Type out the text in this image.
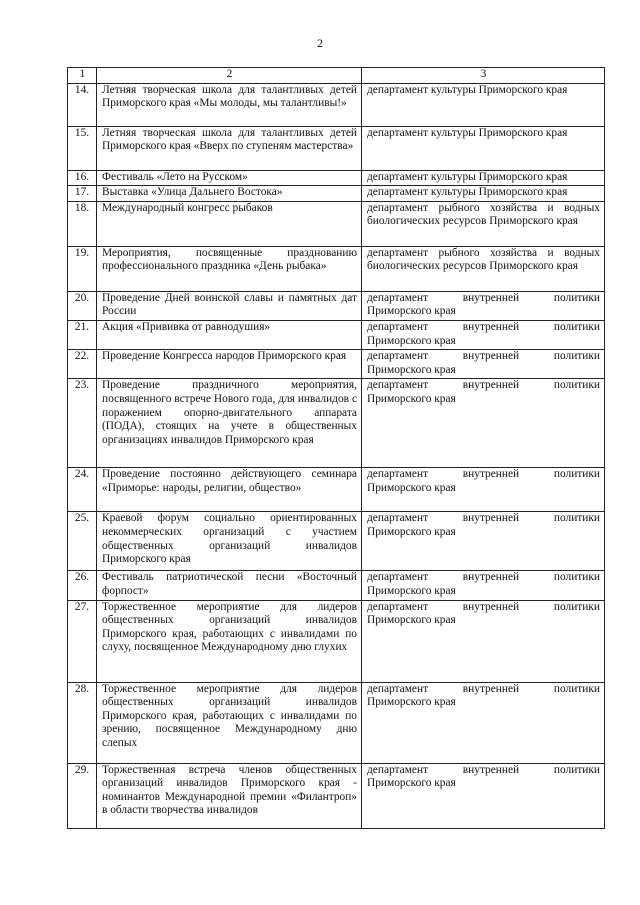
2
1	2	3
14.	Летняя творческая школа для талантливых детей Приморского края «Мы молоды, мы талантливы!»	департамент культуры Приморского края
15.	Летняя творческая школа для талантливых детей Приморского края «Вверх по ступеням мастерства»	департамент культуры Приморского края
16.	Фестиваль «Лето на Русском»	департамент культуры Приморского края
17.	Выставка «Улица Дальнего Востока»	департамент культуры Приморского края
18.	Международный конгресс рыбаков	департамент рыбного хозяйства и водных биологических ресурсов Приморского края
19.	Мероприятия, посвященные празднованию профессионального праздника «День рыбака»	департамент рыбного хозяйства и водных биологических ресурсов Приморского края
20.	Проведение Дней воинской славы и памятных дат России	департамент внутренней политики Приморского края
21.	Акция «Прививка от равнодушия»	департамент внутренней политики Приморского края
22.	Проведение Конгресса народов Приморского края	департамент внутренней политики Приморского края
23.	Проведение праздничного мероприятия, посвященного встрече Нового года, для инвалидов с поражением опорно-двигательного аппарата (ПОДА), стоящих на учете в общественных организациях инвалидов Приморского края	департамент внутренней политики Приморского края
24.	Проведение постоянно действующего семинара «Приморье: народы, религии, общество»	департамент внутренней политики Приморского края
25.	Краевой форум социально ориентированных некоммерческих организаций с участием общественных организаций инвалидов Приморского края	департамент внутренней политики Приморского края
26.	Фестиваль патриотической песни «Восточный форпост»	департамент внутренней политики Приморского края
27.	Торжественное мероприятие для лидеров общественных организаций инвалидов Приморского края, работающих с инвалидами по слуху, посвященное Международному дню глухих	департамент внутренней политики Приморского края
28.	Торжественное мероприятие для лидеров общественных организаций инвалидов Приморского края, работающих с инвалидами по зрению, посвященное Международному дню слепых	департамент внутренней политики Приморского края
29.	Торжественная встреча членов общественных организаций инвалидов Приморского края - номинантов Международной премии «Филантроп» в области творчества инвалидов	департамент внутренней политики Приморского края
